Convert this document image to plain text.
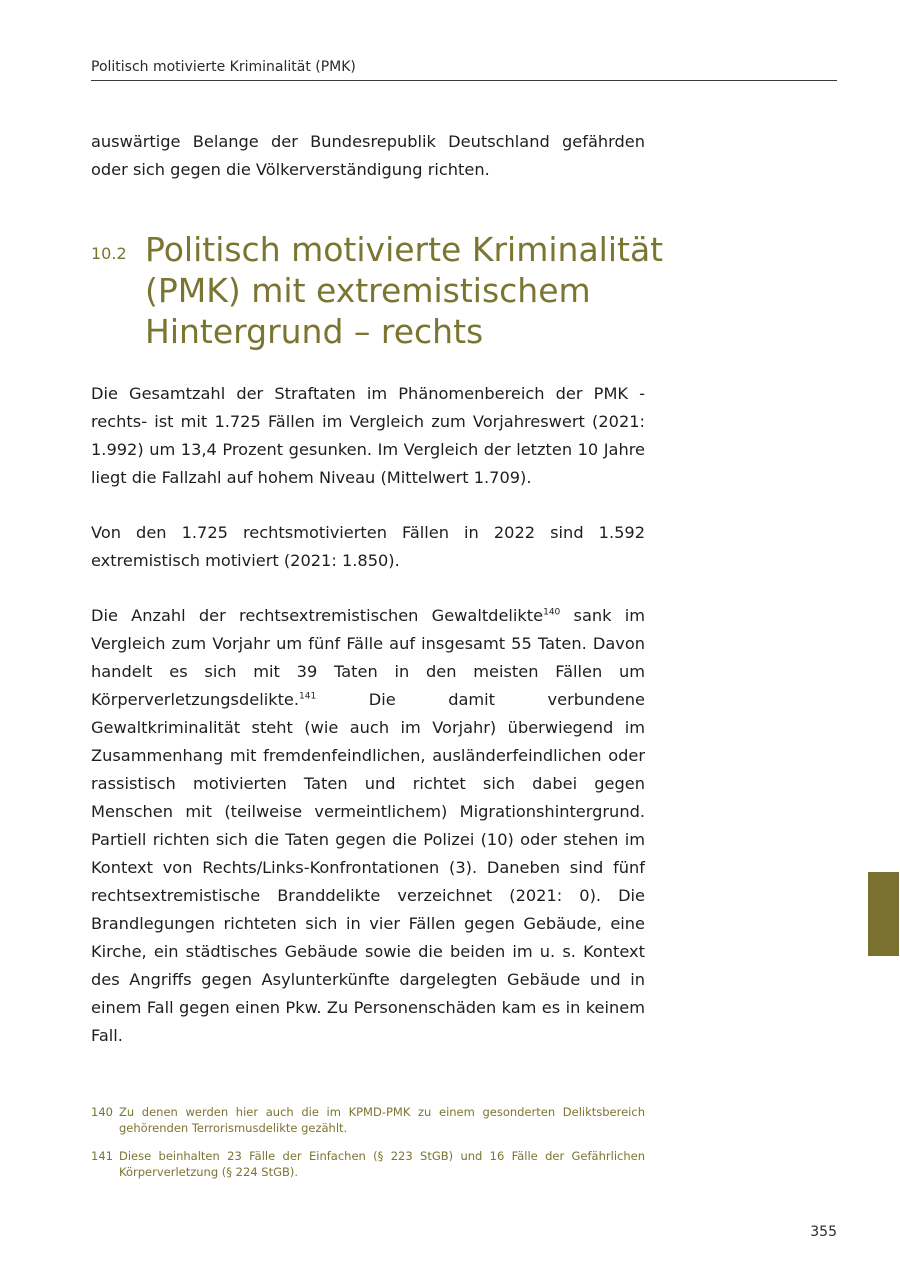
Politisch motivierte Kriminalität (PMK)

auswärtige Belange der Bundesrepublik Deutschland gefährden oder sich gegen die Völkerverständigung richten.

10.2 Politisch motivierte Kriminalität (PMK) mit extremistischem Hintergrund – rechts

Die Gesamtzahl der Straftaten im Phänomenbereich der PMK -rechts- ist mit 1.725 Fällen im Vergleich zum Vorjahreswert (2021: 1.992) um 13,4 Prozent gesunken. Im Vergleich der letzten 10 Jahre liegt die Fallzahl auf hohem Niveau (Mittelwert 1.709).

Von den 1.725 rechtsmotivierten Fällen in 2022 sind 1.592 extremistisch motiviert (2021: 1.850).

Die Anzahl der rechtsextremistischen Gewaltdelikte$^{140}$ sank im Vergleich zum Vorjahr um fünf Fälle auf insgesamt 55 Taten. Davon handelt es sich mit 39 Taten in den meisten Fällen um Körperverletzungsdelikte.$^{141}$ Die damit verbundene Gewaltkriminalität steht (wie auch im Vorjahr) überwiegend im Zusammenhang mit fremdenfeindlichen, ausländerfeindlichen oder rassistisch motivierten Taten und richtet sich dabei gegen Menschen mit (teilweise vermeintlichem) Migrationshintergrund. Partiell richten sich die Taten gegen die Polizei (10) oder stehen im Kontext von Rechts/Links-Konfrontationen (3). Daneben sind fünf rechtsextremistische Branddelikte verzeichnet (2021: 0). Die Brandlegungen richteten sich in vier Fällen gegen Gebäude, eine Kirche, ein städtisches Gebäude sowie die beiden im u. s. Kontext des Angriffs gegen Asylunterkünfte dargelegten Gebäude und in einem Fall gegen einen Pkw. Zu Personenschäden kam es in keinem Fall.

140 Zu denen werden hier auch die im KPMD-PMK zu einem gesonderten Deliktsbereich gehörenden Terrorismusdelikte gezählt.
141 Diese beinhalten 23 Fälle der Einfachen (§ 223 StGB) und 16 Fälle der Gefährlichen Körperverletzung (§ 224 StGB).
355
